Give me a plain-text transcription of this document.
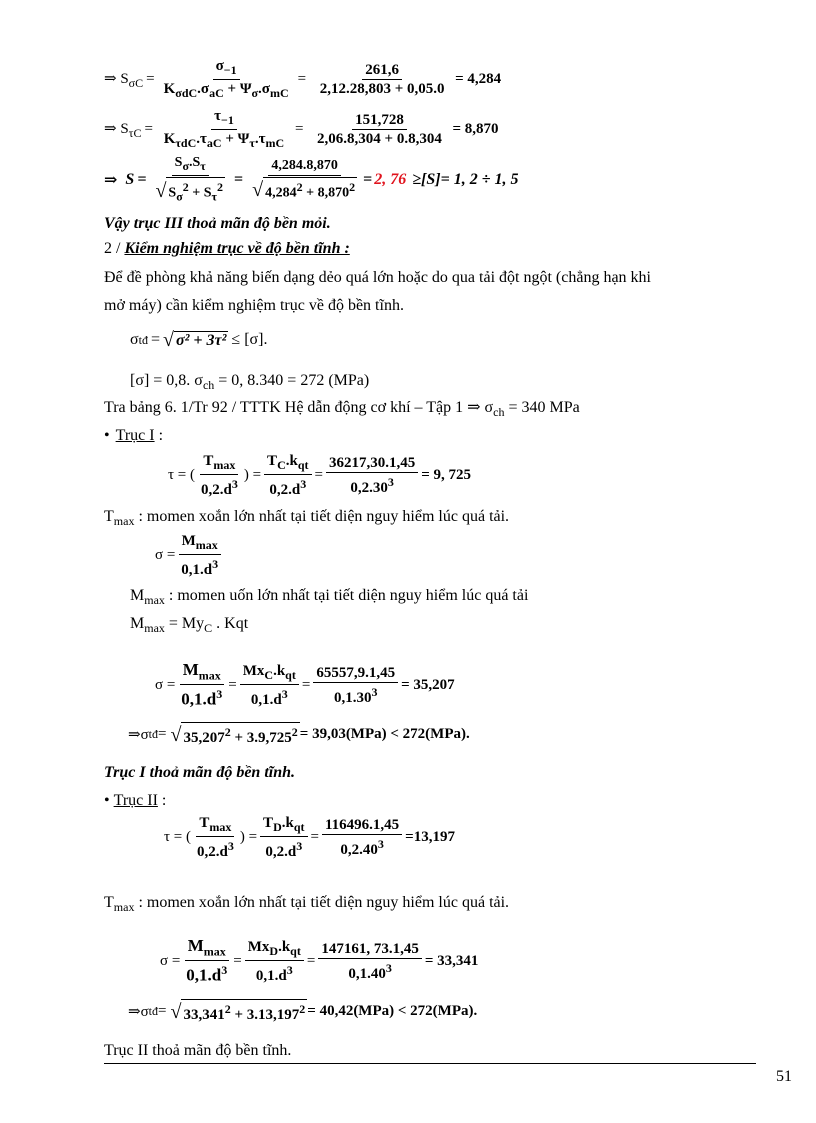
⇒ $S_{\sigma C} = \frac{\sigma_{-1}}{K_{\sigma dC}.\sigma_{aC} + \Psi_\sigma.\sigma_{mC}} = \frac{261,6}{2,12.28,803 + 0,05.0} = 4,284$
⇒ $S_{\tau C} = \frac{\tau_{-1}}{K_{\tau dC}.\tau_{aC} + \Psi_\tau.\tau_{mC}} = \frac{151,728}{2,06.8,304 + 0.8,304} = 8,870$
⇒ $S = \frac{S_\sigma.S_\tau}{√ S_\sigma^2 + S_\tau^2} = \frac{4,284.8,870}{√ 4,284^2 + 8,870^2} = 2$, 76 ≥[S]= 1, 2 ÷ 1, 5
Vậy trục III thoả mãn độ bền mỏi.
2 / Kiểm nghiệm trục về độ bền tĩnh :
Để đề phòng khả năng biến dạng dẻo quá lớn hoặc do qua tải đột ngột (chẳng hạn khi
mở máy) cần kiểm nghiệm trục về độ bền tĩnh.
σ tđ = √ σ² + 3τ² ≤ [σ].
[σ] = 0,8. $\sigma_{ch} = 0$, 8.340 = 272 (MPa)
Tra bảng 6. 1/Tr 92 / TTTK Hệ dẫn động cơ khí – Tập 1 ⇒ $\sigma_{ch} = 340$ MPa
• Trục I :
τ = ( $\frac{T_{max}}{0,2.d^3}$ ) = $\frac{T_C.k_{qt}}{0,2.d^3} = \frac{36217,30.1,45}{0,2.30^3} = 9$, 725
$T_{max}$ : momen xoắn lớn nhất tại tiết diện nguy hiểm lúc quá tải.
$\sigma = \frac{M_{max}}{0,1.d^3}$
$M_{max}$ : momen uốn lớn nhất tại tiết diện nguy hiểm lúc quá tải
$M_{max} = My_C$ . Kqt
$\sigma = \frac{M_{max}}{0,1.d^3} = \frac{Mx_C.k_{qt}}{0,1.d^3} = \frac{65557,9.1,45}{0,1.30^3} = 35,207$
⇒σ tđ = √ $35,207^2 + 3.9,725^2 = 39,03(MPa) < 272(MPa)$.
Trục I thoả mãn độ bền tĩnh.
• Trục II :
τ = ( $\frac{T_{max}}{0,2.d^3}$ ) = $\frac{T_D.k_{qt}}{0,2.d^3} = \frac{116496.1,45}{0,2.40^3} =13,197$
$T_{max}$ : momen xoắn lớn nhất tại tiết diện nguy hiểm lúc quá tải.
$\sigma = \frac{M_{max}}{0,1.d^3} = \frac{Mx_D.k_{qt}}{0,1.d^3} = \frac{147161, 73.1,45}{0,1.40^3} = 33,341$
⇒σ tđ = √ $33,341^2 + 3.13,197^2 = 40,42(MPa) < 272(MPa)$.
Trục II thoả mãn độ bền tĩnh.
51
